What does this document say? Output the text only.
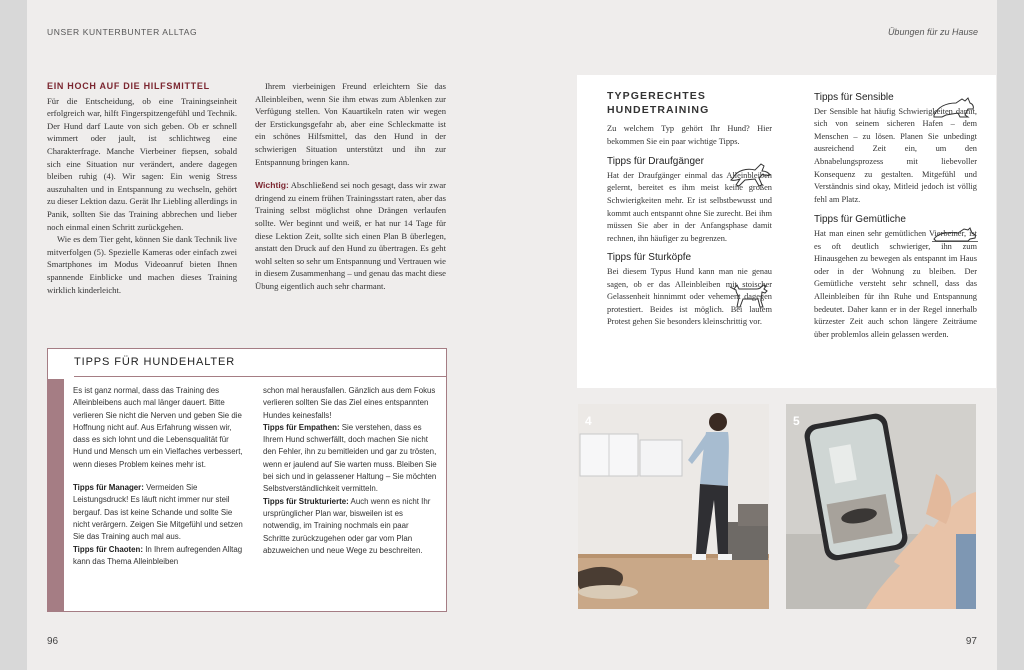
UNSER KUNTERBUNTER ALLTAG	Übungen für zu Hause
EIN HOCH AUF DIE HILFSMITTEL

Für die Entscheidung, ob eine Trainingseinheit erfolgreich war, hilft Fingerspitzengefühl und Technik. Der Hund darf Laute von sich geben. Ob er schnell wimmert oder jault, ist schlichtweg eine Charakterfrage. Manche Vierbeiner fiepsen, sobald sich eine Situation nur verändert, andere dagegen bleiben ruhig (4). Wir sagen: Ein wenig Stress auszuhalten und in Entspannung zu wechseln, gehört zu dieser Lektion dazu. Gerät Ihr Liebling allerdings in Panik, sollten Sie das Training abbrechen und lieber noch einmal einen Schritt zurückgehen.

Wie es dem Tier geht, können Sie dank Technik live mitverfolgen (5). Spezielle Kameras oder einfach zwei Smartphones im Modus Videoanruf bieten Ihnen spannende Einblicke und machen dieses Training wirklich kinderleicht.

Ihrem vierbeinigen Freund erleichtern Sie das Alleinbleiben, wenn Sie ihm etwas zum Ablenken zur Verfügung stellen. Von Kauartikeln raten wir wegen der Erstickungsgefahr ab, aber eine Schleckmatte ist ein schönes Hilfsmittel, das den Hund in der schwierigen Situation unterstützt und ihn zur Entspannung bringen kann.

Wichtig: Abschließend sei noch gesagt, dass wir zwar dringend zu einem frühen Trainingsstart raten, aber das Training selbst möglichst ohne Drängen verlaufen sollte. Wer beginnt und weiß, er hat nur 14 Tage für diese Lektion Zeit, sollte sich einen Plan B überlegen, anstatt den Druck auf den Hund zu übertragen. Es geht wohl selten so sehr um Entspannung und Vertrauen wie in diesem Zusammenhang – und genau das macht diese Übung eigentlich auch sehr charmant.

TIPPS FÜR HUNDEHALTER

Es ist ganz normal, dass das Training des Alleinbleibens auch mal länger dauert. Bitte verlieren Sie nicht die Nerven und geben Sie die Hoffnung nicht auf. Aus Erfahrung wissen wir, dass es sich lohnt und die Lebensqualität für Hund und Mensch um ein Vielfaches verbessert, wenn dieses Problem keines mehr ist.

Tipps für Manager: Vermeiden Sie Leistungsdruck! Es läuft nicht immer nur steil bergauf. Das ist keine Schande und sollte Sie nicht verärgern. Zeigen Sie Mitgefühl und setzen Sie das Training auch mal aus.

Tipps für Chaoten: In Ihrem aufregenden Alltag kann das Thema Alleinbleiben

schon mal herausfallen. Gänzlich aus dem Fokus verlieren sollten Sie das Ziel eines entspannten Hundes keinesfalls!

Tipps für Empathen: Sie verstehen, dass es Ihrem Hund schwerfällt, doch machen Sie nicht den Fehler, ihn zu bemitleiden und gar zu trösten, wenn er jaulend auf Sie warten muss. Bleiben Sie bei sich und in gelassener Haltung – Sie möchten Selbstverständlichkeit vermitteln.

Tipps für Strukturierte: Auch wenn es nicht Ihr ursprünglicher Plan war, bisweilen ist es notwendig, im Training nochmals ein paar Schritte zurückzugehen oder gar vom Plan abzuweichen und neue Wege zu beschreiten.

96	97
TYPGERECHTES
HUNDETRAINING

Zu welchem Typ gehört Ihr Hund? Hier bekommen Sie ein paar wichtige Tipps.

Tipps für Draufgänger

Hat der Draufgänger einmal das Alleinbleiben gelernt, bereitet es ihm meist keine großen Schwierigkeiten mehr. Er ist selbstbewusst und kommt auch entspannt ohne Sie zurecht. Bei ihm müssen Sie aber in der Anfangsphase damit rechnen, ihn häufiger zu begrenzen.

Tipps für Sturköpfe

Bei diesem Typus Hund kann man nie genau sagen, ob er das Alleinbleiben mit stoischer Gelassenheit hinnimmt oder vehement dagegen protestiert. Beides ist möglich. Bei lautem Protest gehen Sie besonders kleinschrittig vor.

Tipps für Sensible

Der Sensible hat häufig Schwierigkeiten damit, sich von seinem sicheren Hafen – dem Menschen – zu lösen. Planen Sie unbedingt ausreichend Zeit ein, um den Abnabelungsprozess mit liebevoller Konsequenz zu gestalten. Mitgefühl und Verständnis sind okay, Mitleid jedoch ist völlig fehl am Platz.

Tipps für Gemütliche

Hat man einen sehr gemütlichen Vierbeiner, ist es oft deutlich schwieriger, ihn zum Hinausgehen zu bewegen als entspannt im Haus oder in der Wohnung zu bleiben. Der Gemütliche versteht sehr schnell, dass das Alleinbleiben für ihn Ruhe und Entspannung bedeutet. Daher kann er in der Regel innerhalb kürzester Zeit auch schon längere Zeiträume über problemlos allein gelassen werden.

4	5
